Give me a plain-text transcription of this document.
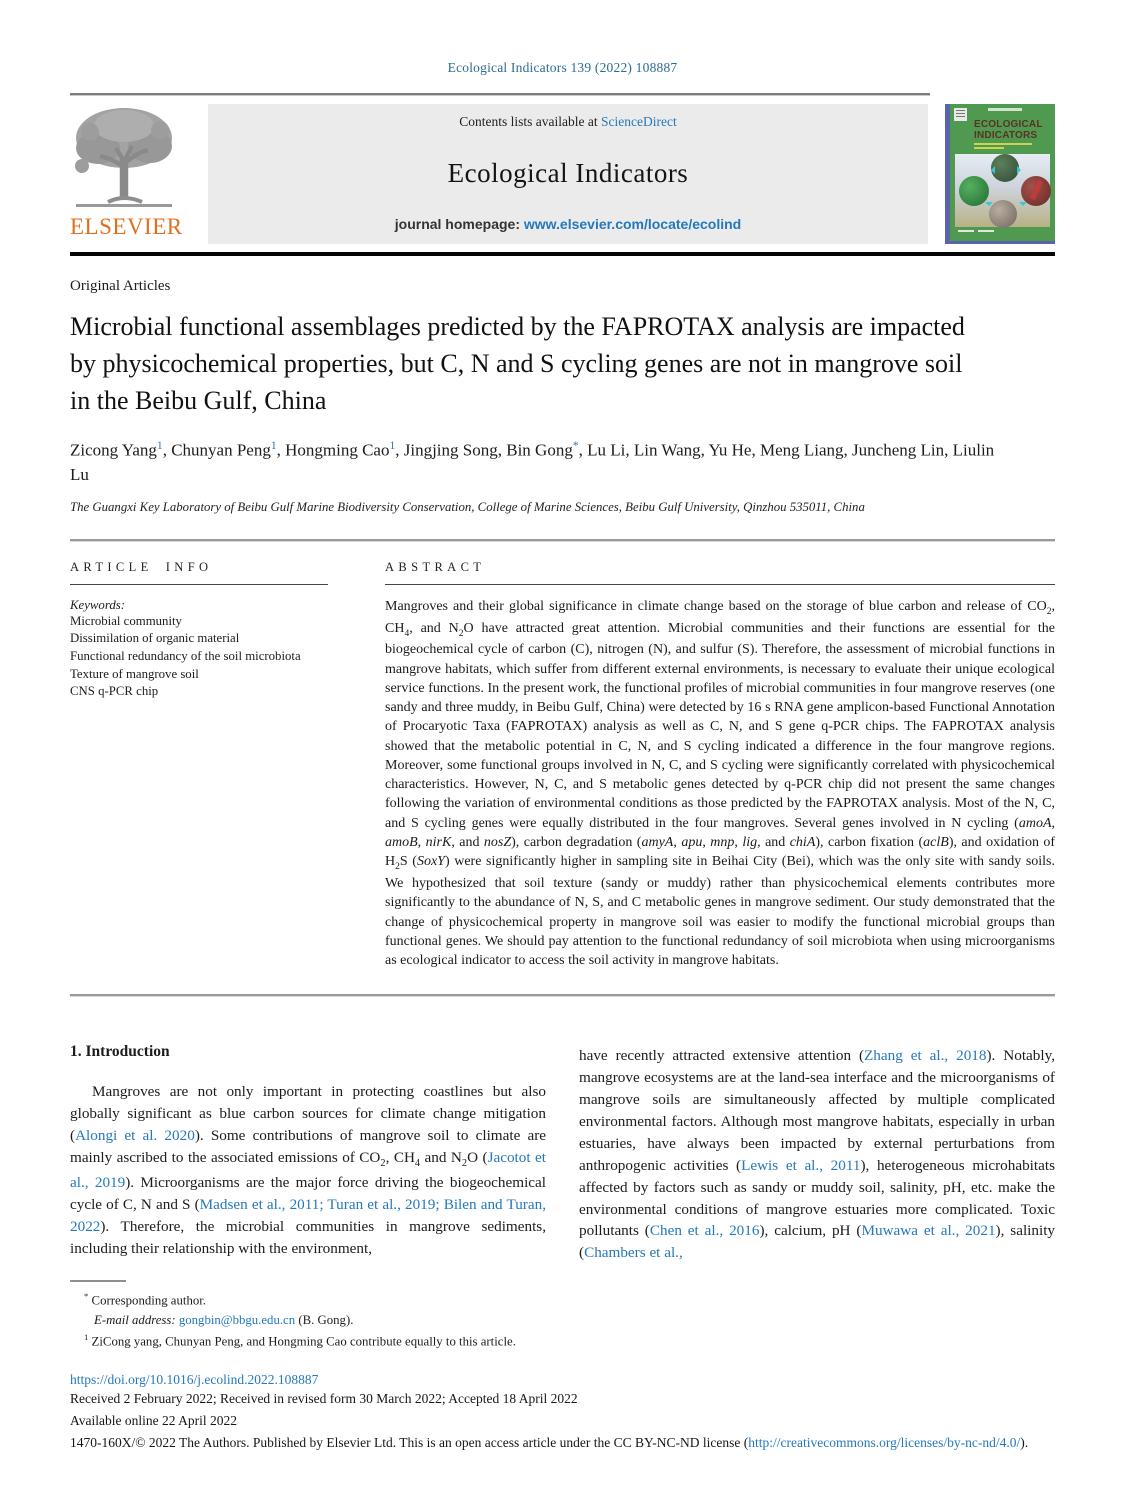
Ecological Indicators 139 (2022) 108887
ELSEVIER
Contents lists available at ScienceDirect
Ecological Indicators
journal homepage: www.elsevier.com/locate/ecolind
ECOLOGICAL
INDICATORS
Original Articles
Microbial functional assemblages predicted by the FAPROTAX analysis are impacted by physicochemical properties, but C, N and S cycling genes are not in mangrove soil in the Beibu Gulf, China
Zicong Yang$^1$, Chunyan Peng$^1$, Hongming Cao$^1$, Jingjing Song, Bin Gong*, Lu Li, Lin Wang, Yu He, Meng Liang, Juncheng Lin, Liulin Lu
The Guangxi Key Laboratory of Beibu Gulf Marine Biodiversity Conservation, College of Marine Sciences, Beibu Gulf University, Qinzhou 535011, China
ARTICLE INFO
Keywords:
Microbial community
Dissimilation of organic material
Functional redundancy of the soil microbiota
Texture of mangrove soil
CNS q-PCR chip
ABSTRACT
Mangroves and their global significance in climate change based on the storage of blue carbon and release of $CO_2$, $CH_4$, and $N_2O$ have attracted great attention. Microbial communities and their functions are essential for the biogeochemical cycle of carbon (C), nitrogen (N), and sulfur (S). Therefore, the assessment of microbial functions in mangrove habitats, which suffer from different external environments, is necessary to evaluate their unique ecological service functions. In the present work, the functional profiles of microbial communities in four mangrove reserves (one sandy and three muddy, in Beibu Gulf, China) were detected by 16 s RNA gene amplicon-based Functional Annotation of Procaryotic Taxa (FAPROTAX) analysis as well as C, N, and S gene q-PCR chips. The FAPROTAX analysis showed that the metabolic potential in C, N, and S cycling indicated a difference in the four mangrove regions. Moreover, some functional groups involved in N, C, and S cycling were significantly correlated with physicochemical characteristics. However, N, C, and S metabolic genes detected by q-PCR chip did not present the same changes following the variation of environmental conditions as those predicted by the FAPROTAX analysis. Most of the N, C, and S cycling genes were equally distributed in the four mangroves. Several genes involved in N cycling (amoA, amoB, nirK, and nosZ), carbon degradation (amyA, apu, mnp, lig, and chiA), carbon fixation (aclB), and oxidation of $H_2S$ (SoxY) were significantly higher in sampling site in Beihai City (Bei), which was the only site with sandy soils. We hypothesized that soil texture (sandy or muddy) rather than physicochemical elements contributes more significantly to the abundance of N, S, and C metabolic genes in mangrove sediment. Our study demonstrated that the change of physicochemical property in mangrove soil was easier to modify the functional microbial groups than functional genes. We should pay attention to the functional redundancy of soil microbiota when using microorganisms as ecological indicator to access the soil activity in mangrove habitats.
1. Introduction

Mangroves are not only important in protecting coastlines but also globally significant as blue carbon sources for climate change mitigation (Alongi et al. 2020). Some contributions of mangrove soil to climate are mainly ascribed to the associated emissions of $CO_2$, $CH_4$ and $N_2O$ (Jacotot et al., 2019). Microorganisms are the major force driving the biogeochemical cycle of C, N and S (Madsen et al., 2011; Turan et al., 2019; Bilen and Turan, 2022). Therefore, the microbial communities in mangrove sediments, including their relationship with the environment,

have recently attracted extensive attention (Zhang et al., 2018). Notably, mangrove ecosystems are at the land-sea interface and the microorganisms of mangrove soils are simultaneously affected by multiple complicated environmental factors. Although most mangrove habitats, especially in urban estuaries, have always been impacted by external perturbations from anthropogenic activities (Lewis et al., 2011), heterogeneous microhabitats affected by factors such as sandy or muddy soil, salinity, pH, etc. make the environmental conditions of mangrove estuaries more complicated. Toxic pollutants (Chen et al., 2016), calcium, pH (Muwawa et al., 2021), salinity (Chambers et al.,

* Corresponding author.
E-mail address: gongbin@bbgu.edu.cn (B. Gong).
$^1$ ZiCong yang, Chunyan Peng, and Hongming Cao contribute equally to this article.
https://doi.org/10.1016/j.ecolind.2022.108887
Received 2 February 2022; Received in revised form 30 March 2022; Accepted 18 April 2022
Available online 22 April 2022
1470-160X/© 2022 The Authors. Published by Elsevier Ltd. This is an open access article under the CC BY-NC-ND license (http://creativecommons.org/licenses/by-nc-nd/4.0/).
